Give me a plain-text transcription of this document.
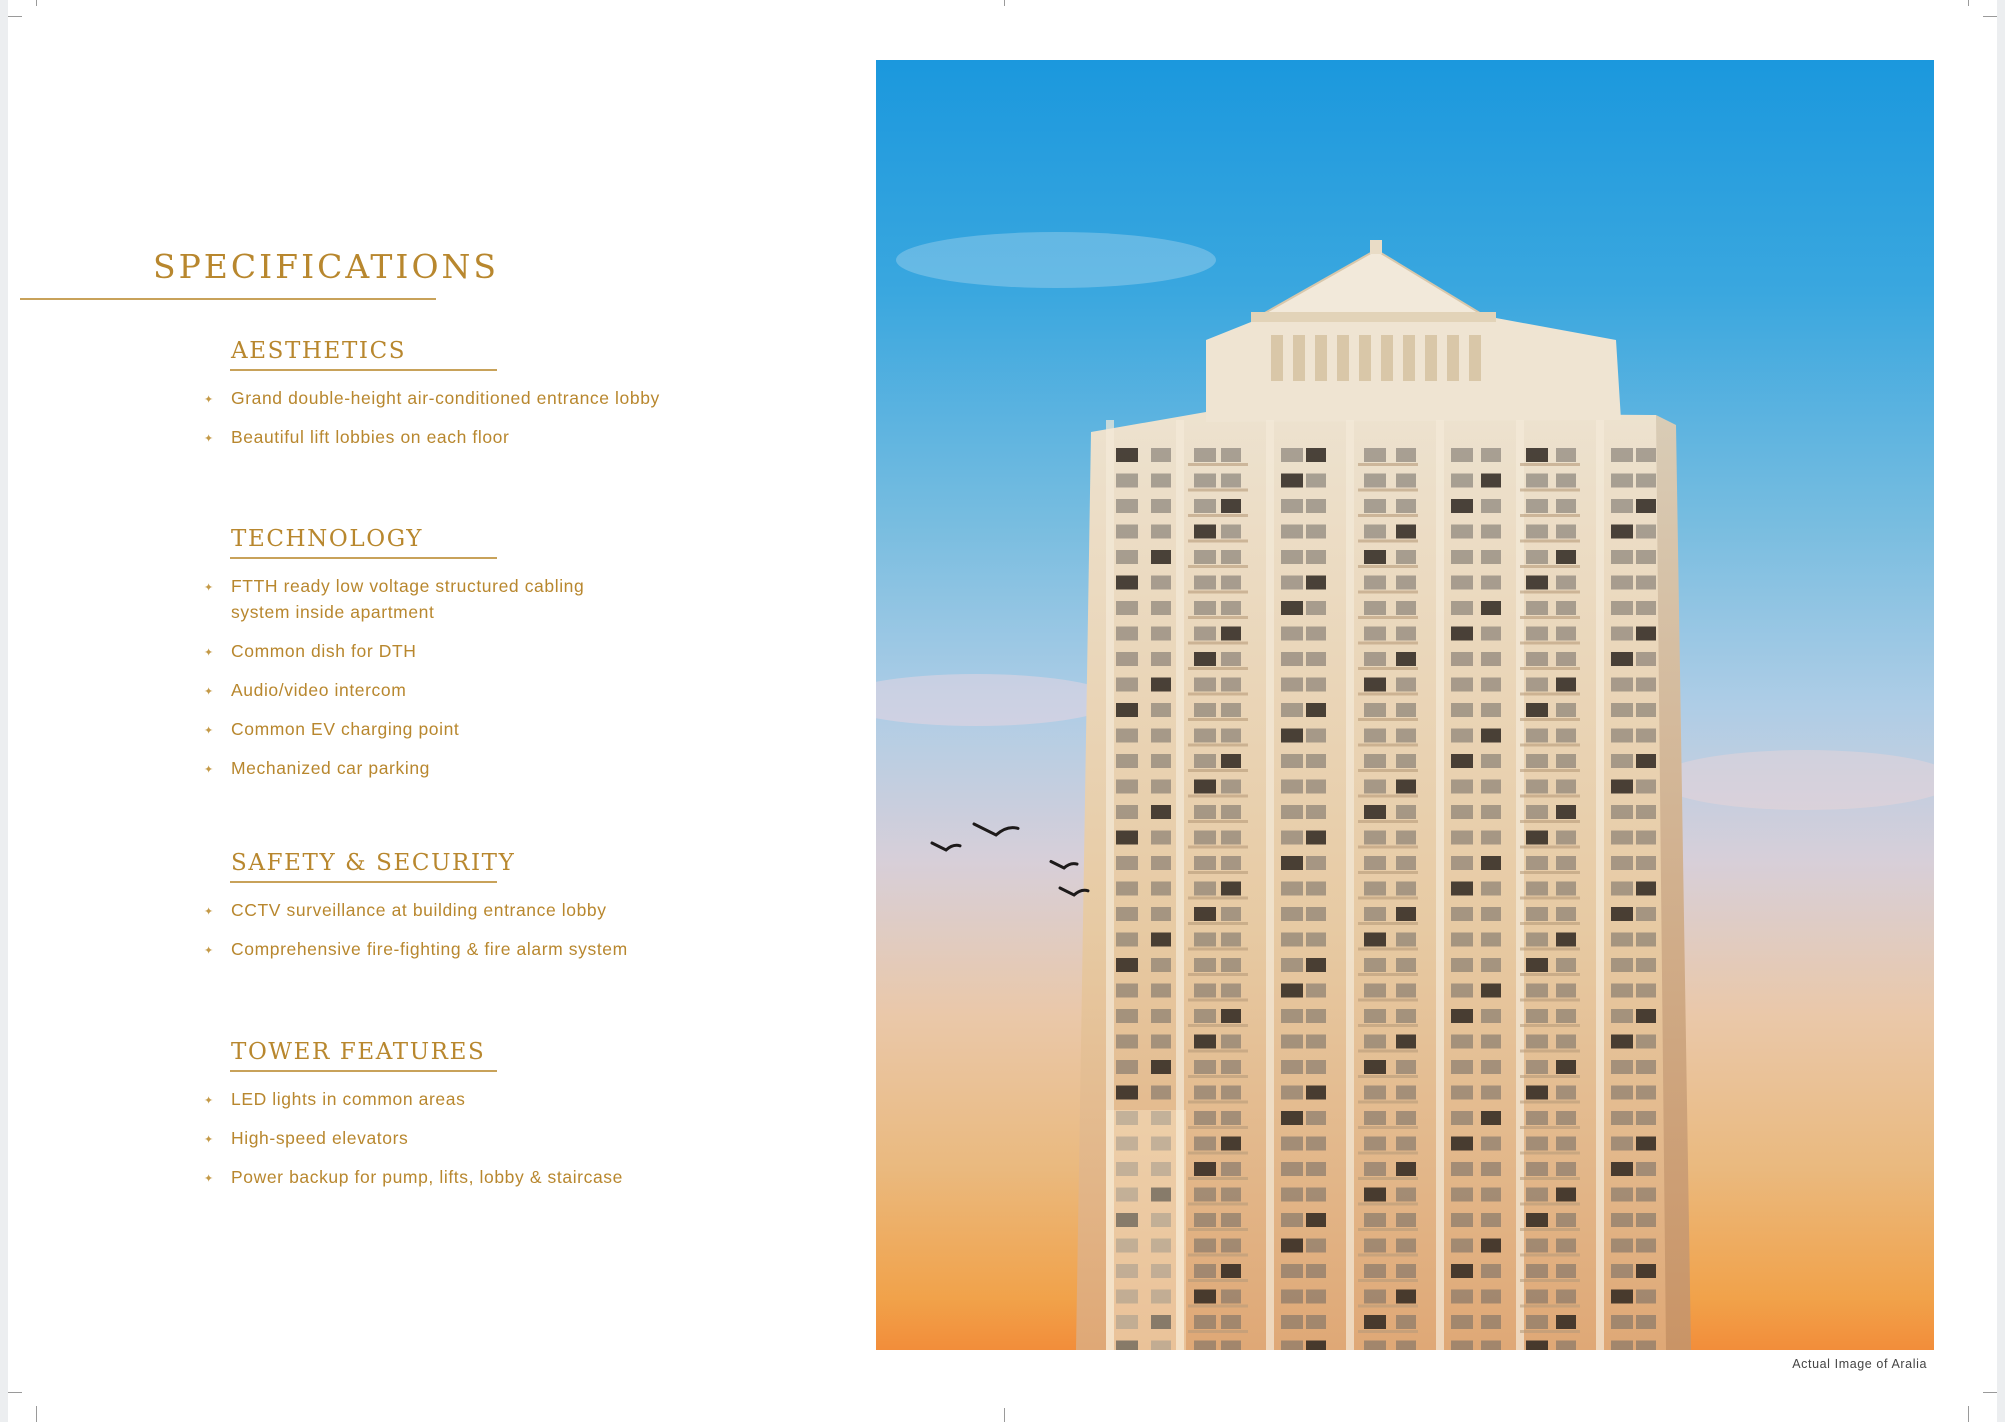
SPECIFICATIONS
AESTHETICS
✦ Grand double-height air-conditioned entrance lobby
✦ Beautiful lift lobbies on each floor
TECHNOLOGY
✦ FTTH ready low voltage structured cabling
system inside apartment
✦ Common dish for DTH
✦ Audio/video intercom
✦ Common EV charging point
✦ Mechanized car parking
SAFETY & SECURITY
✦ CCTV surveillance at building entrance lobby
✦ Comprehensive fire-fighting & fire alarm system
TOWER FEATURES
✦ LED lights in common areas
✦ High-speed elevators
✦ Power backup for pump, lifts, lobby & staircase
Actual Image of Aralia
